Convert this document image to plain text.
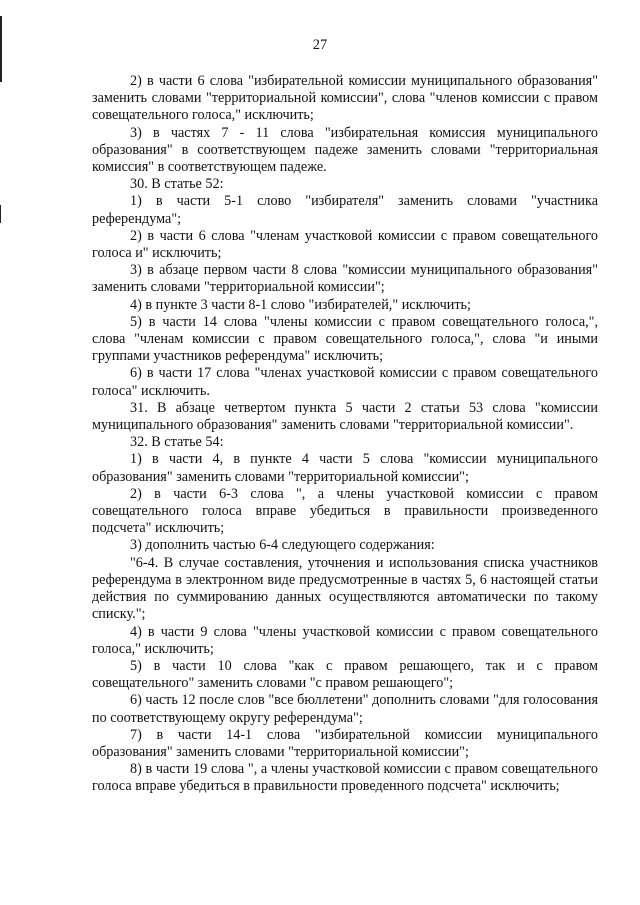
27

2) в части 6 слова "избирательной комиссии муниципального образования" заменить словами "территориальной комиссии", слова "членов комиссии с правом совещательного голоса," исключить;

3) в частях 7 - 11 слова "избирательная комиссия муниципального образования" в соответствующем падеже заменить словами "территориальная комиссия" в соответствующем падеже.

30. В статье 52:

1) в части 5-1 слово "избирателя" заменить словами "участника референдума";

2) в части 6 слова "членам участковой комиссии с правом совещательного голоса и" исключить;

3) в абзаце первом части 8 слова "комиссии муниципального образования" заменить словами "территориальной комиссии";

4) в пункте 3 части 8-1 слово "избирателей," исключить;

5) в части 14 слова "члены комиссии с правом совещательного голоса,", слова "членам комиссии с правом совещательного голоса,", слова "и иными группами участников референдума" исключить;

6) в части 17 слова "членах участковой комиссии с правом совещательного голоса" исключить.

31. В абзаце четвертом пункта 5 части 2 статьи 53 слова "комиссии муниципального образования" заменить словами "территориальной комиссии".

32. В статье 54:

1) в части 4, в пункте 4 части 5 слова "комиссии муниципального образования" заменить словами "территориальной комиссии";

2) в части 6-3 слова ", а члены участковой комиссии с правом совещательного голоса вправе убедиться в правильности произведенного подсчета" исключить;

3) дополнить частью 6-4 следующего содержания:

"6-4. В случае составления, уточнения и использования списка участников референдума в электронном виде предусмотренные в частях 5, 6 настоящей статьи действия по суммированию данных осуществляются автоматически по такому списку.";

4) в части 9 слова "члены участковой комиссии с правом совещательного голоса," исключить;

5) в части 10 слова "как с правом решающего, так и с правом совещательного" заменить словами "с правом решающего";

6) часть 12 после слов "все бюллетени" дополнить словами "для голосования по соответствующему округу референдума";

7) в части 14-1 слова "избирательной комиссии муниципального образования" заменить словами "территориальной комиссии";

8) в части 19 слова ", а члены участковой комиссии с правом совещательного голоса вправе убедиться в правильности проведенного подсчета" исключить;
